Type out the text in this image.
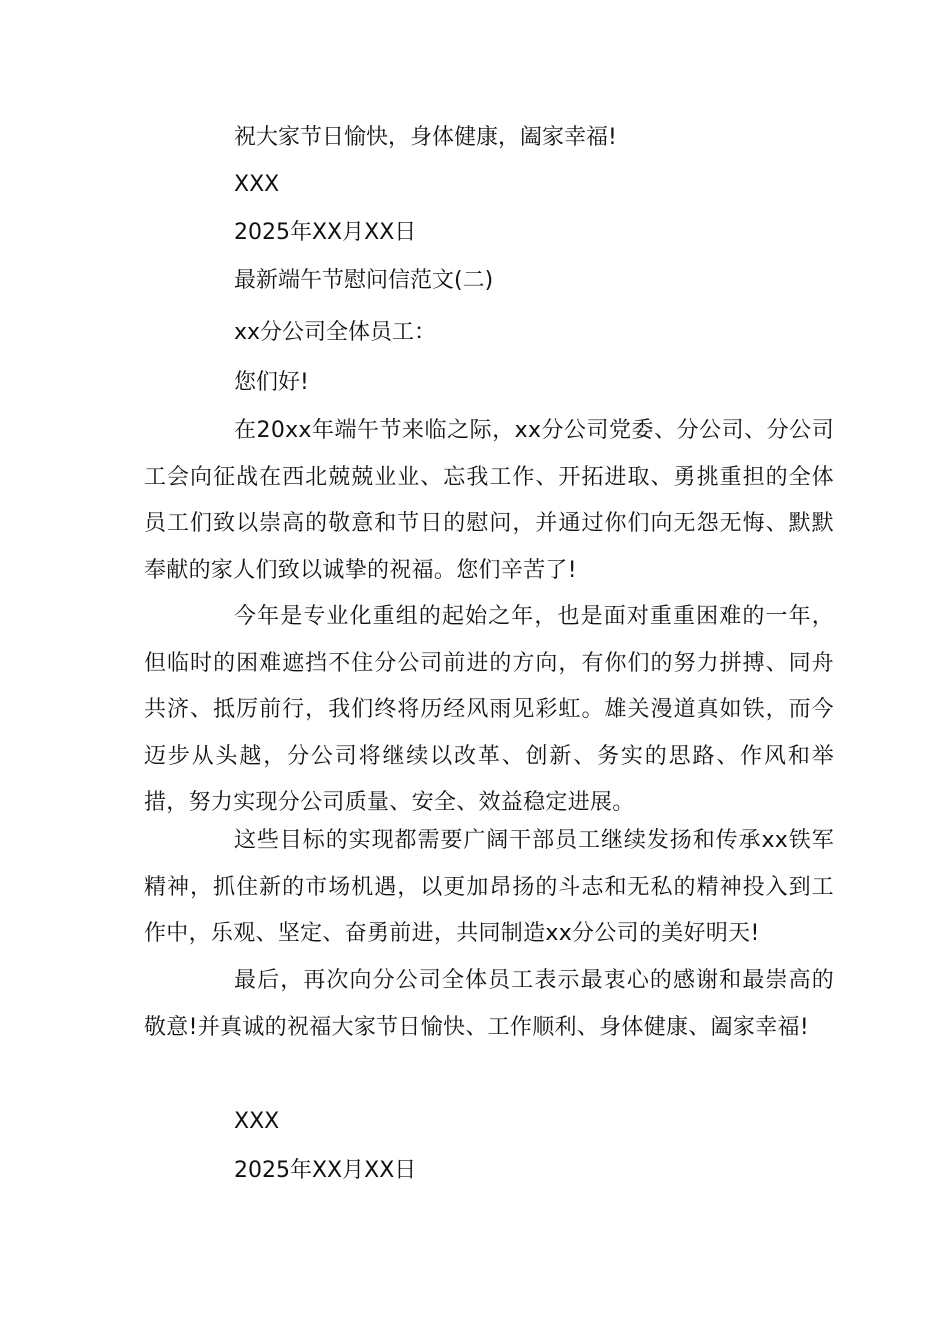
祝大家节日愉快，身体健康，阖家幸福!
XXX
2025年XX月XX日
最新端午节慰问信范文(二)
xx分公司全体员工：
您们好!

在20xx年端午节来临之际，xx分公司党委、分公司、分公司工会向征战在西北兢兢业业、忘我工作、开拓进取、勇挑重担的全体员工们致以崇高的敬意和节日的慰问，并通过你们向无怨无悔、默默奉献的家人们致以诚挚的祝福。您们辛苦了!

今年是专业化重组的起始之年，也是面对重重困难的一年，但临时的困难遮挡不住分公司前进的方向，有你们的努力拼搏、同舟共济、抵厉前行，我们终将历经风雨见彩虹。雄关漫道真如铁，而今迈步从头越，分公司将继续以改革、创新、务实的思路、作风和举措，努力实现分公司质量、安全、效益稳定进展。

这些目标的实现都需要广阔干部员工继续发扬和传承xx铁军精神，抓住新的市场机遇，以更加昂扬的斗志和无私的精神投入到工作中，乐观、坚定、奋勇前进，共同制造xx分公司的美好明天!

最后，再次向分公司全体员工表示最衷心的感谢和最崇高的敬意!并真诚的祝福大家节日愉快、工作顺利、身体健康、阖家幸福!

XXX
2025年XX月XX日
